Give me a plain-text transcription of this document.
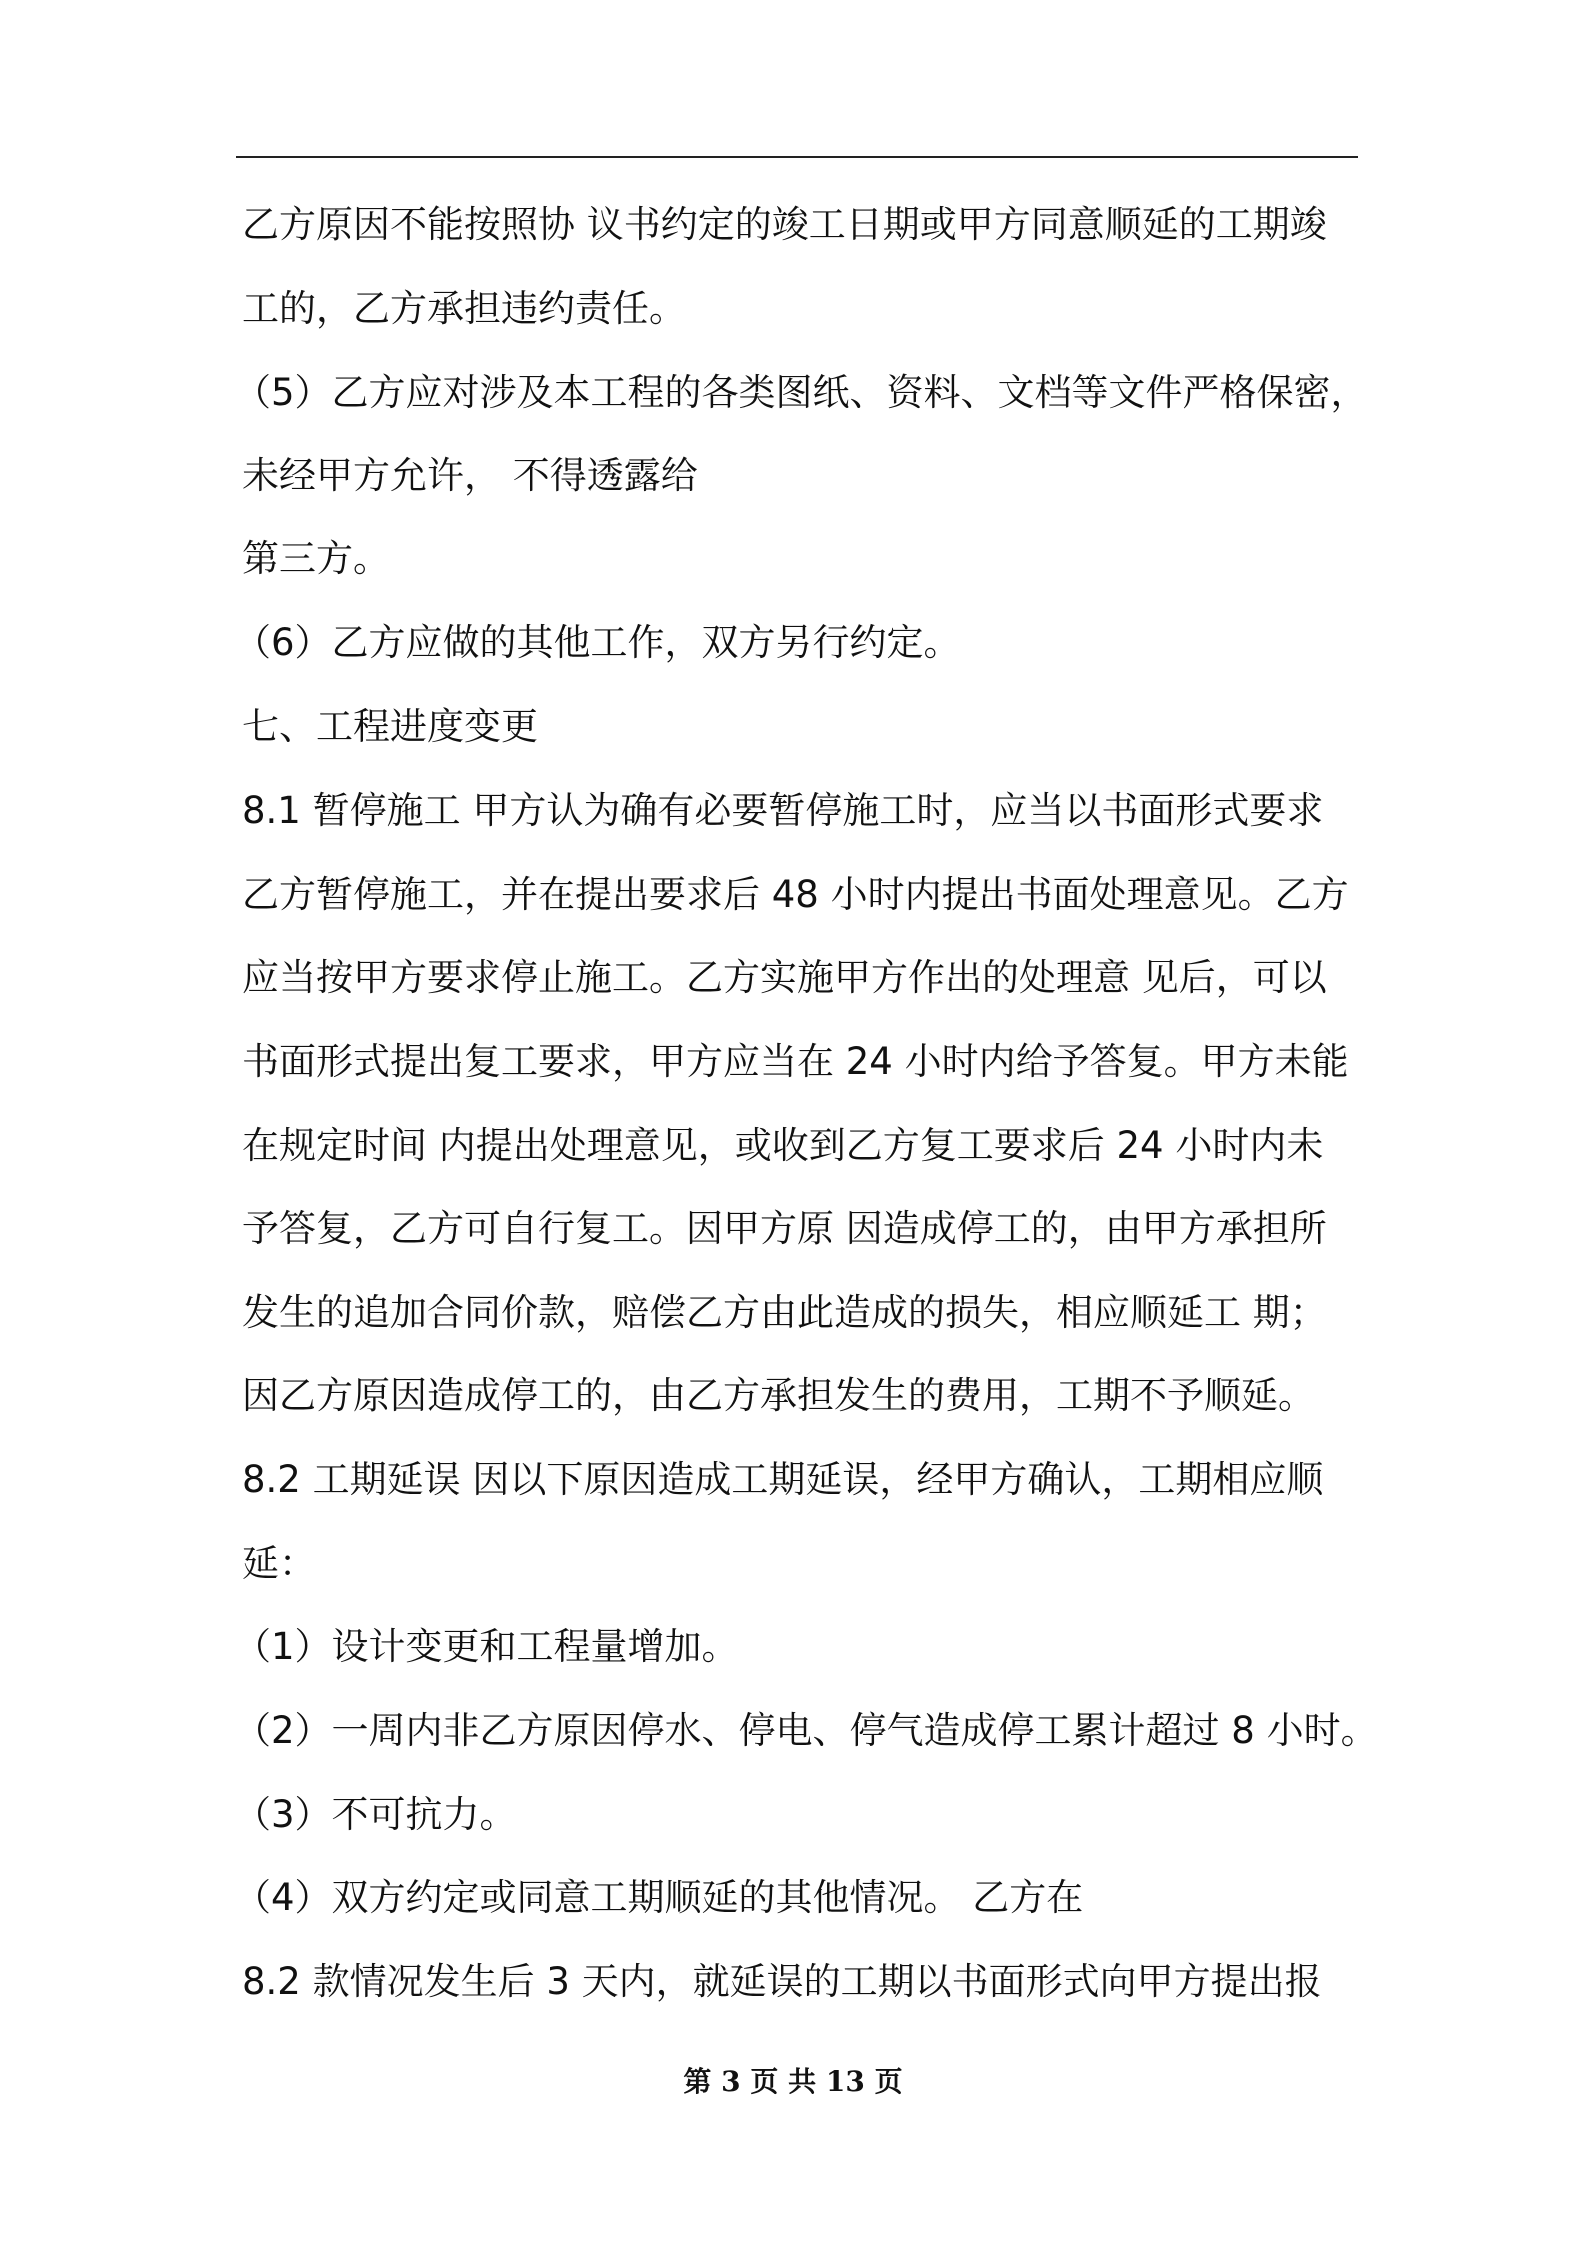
乙方原因不能按照协 议书约定的竣工日期或甲方同意顺延的工期竣
工的，乙方承担违约责任。
（5）乙方应对涉及本工程的各类图纸、资料、文档等文件严格保密，
未经甲方允许， 不得透露给
第三方。
（6）乙方应做的其他工作，双方另行约定。
七、工程进度变更
8.1 暂停施工 甲方认为确有必要暂停施工时，应当以书面形式要求
乙方暂停施工，并在提出要求后 48 小时内提出书面处理意见。乙方
应当按甲方要求停止施工。乙方实施甲方作出的处理意 见后，可以
书面形式提出复工要求，甲方应当在 24 小时内给予答复。甲方未能
在规定时间 内提出处理意见，或收到乙方复工要求后 24 小时内未
予答复，乙方可自行复工。因甲方原 因造成停工的，由甲方承担所
发生的追加合同价款，赔偿乙方由此造成的损失，相应顺延工 期；
因乙方原因造成停工的，由乙方承担发生的费用，工期不予顺延。
8.2 工期延误 因以下原因造成工期延误，经甲方确认，工期相应顺
延：
（1）设计变更和工程量增加。
（2）一周内非乙方原因停水、停电、停气造成停工累计超过 8 小时。
（3）不可抗力。
（4）双方约定或同意工期顺延的其他情况。 乙方在
8.2 款情况发生后 3 天内，就延误的工期以书面形式向甲方提出报
第 3 页 共 13 页
